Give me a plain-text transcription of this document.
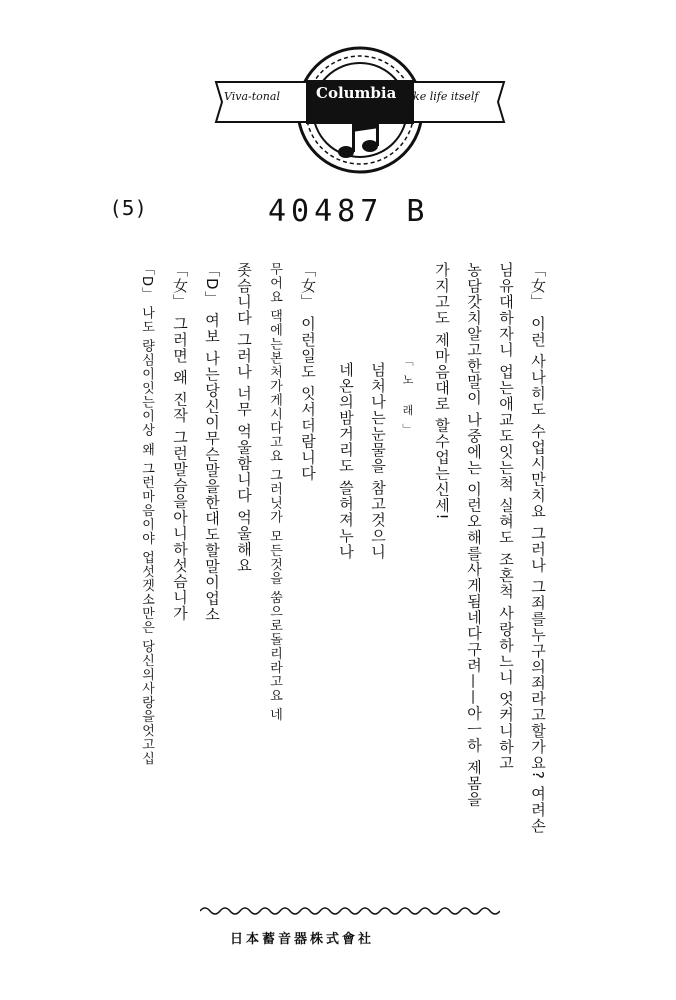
Viva-tonal Columbia like life itself
(5)	40487 B
「女」 이런 사나히도 수업시만치요 그러나 그죄를누구의죄라고할가요? 여려손
님유대하자니 업는애교도잇는척 실혀도 조혼척 사랑하느니 엇커니하고
농담갓치알고한말이 나중에는 이런오해를사게됨네다구려——아ㅡ하 제몸을
가지고도 제마음대로 할수업는신세!
「노 래」
넘처나는눈물을 참고것으니
네온의밤거리도 쓸허져누나
「女」 이런일도 잇서더람니다
무어요 댁에는본처가게시다고요 그러닛가 모든것을 쑴으로돌리라고요 네
좃슴니다 그러나 너무 억울함니다 억울해요
「D」 여보 나는당신이무슨말을한대도할말이업소
「女」 그러면 왜 진작 그런말슴을아니하섯슴니가
「D」 나도 량심이잇는이상 왜 그런마음이야 업섯겟소만은 당신의사랑을엇고십
日本蓄音器株式會社
